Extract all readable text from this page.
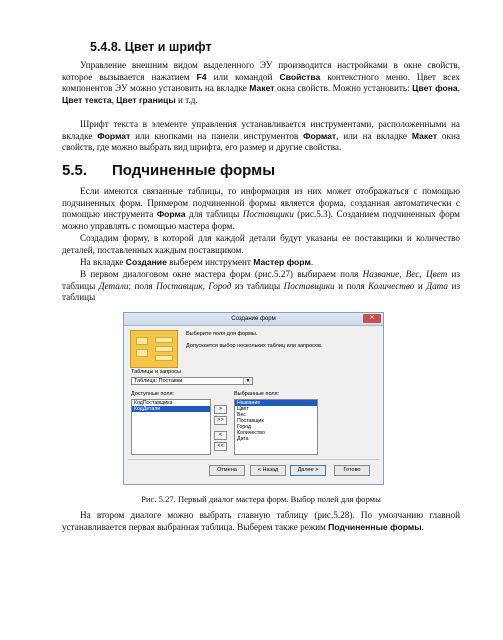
5.4.8. Цвет и шрифт

Управление внешним видом выделенного ЭУ производится настройками в окне свойств, которое вызывается нажатием F4 или командой Свойства контекстного меню. Цвет всех компонентов ЭУ можно установить на вкладке Макет окна свойств. Можно установить: Цвет фона, Цвет текста, Цвет границы и т.д.

Шрифт текста в элементе управления устанавливается инструментами, расположенными на вкладке Формат или кнопками на панели инструментов Формат, или на вкладке Макет окна свойств, где можно выбрать вид шрифта, его размер и другие свойства.

5.5. Подчиненные формы

Если имеются связанные таблицы, то информация из них может отображаться с помощью подчиненных форм. Примером подчиненной формы является форма, созданная автоматически с помощью инструмента Форма для таблицы Поставщики (рис.5.3). Созданием подчиненных форм можно управлять с помощью мастера форм.

Создадим форму, в которой для каждой детали будут указаны ее поставщики и количество деталей, поставленных каждым поставщиком.

На вкладке Создание выберем инструмент Мастер форм.

В первом диалоговом окне мастера форм (рис.5.27) выбираем поля Название, Вес, Цвет из таблицы Детали; поля Поставщик, Город из таблицы Поставщики и поля Количество и Дата из таблицы

Создание форм	✕
Выберите поля для формы.
Допускается выбор нескольких таблиц или запросов.
Таблицы и запросы
Таблица: Поставки	▼
Доступные поля:	Выбранные поля:
КодПоставщика
КодДетали	>
>>
<
<<
Название
Цвет
Вес
Поставщик
Город
Количество
Дата
Отмена	< Назад	Далее >	Готово

Рис. 5.27. Первый диалог мастера форм. Выбор полей для формы

На втором диалоге можно выбрать главную таблицу (рис.5.28). По умолчанию главной устанавливается первая выбранная таблица. Выберем также режим Подчиненные формы.
